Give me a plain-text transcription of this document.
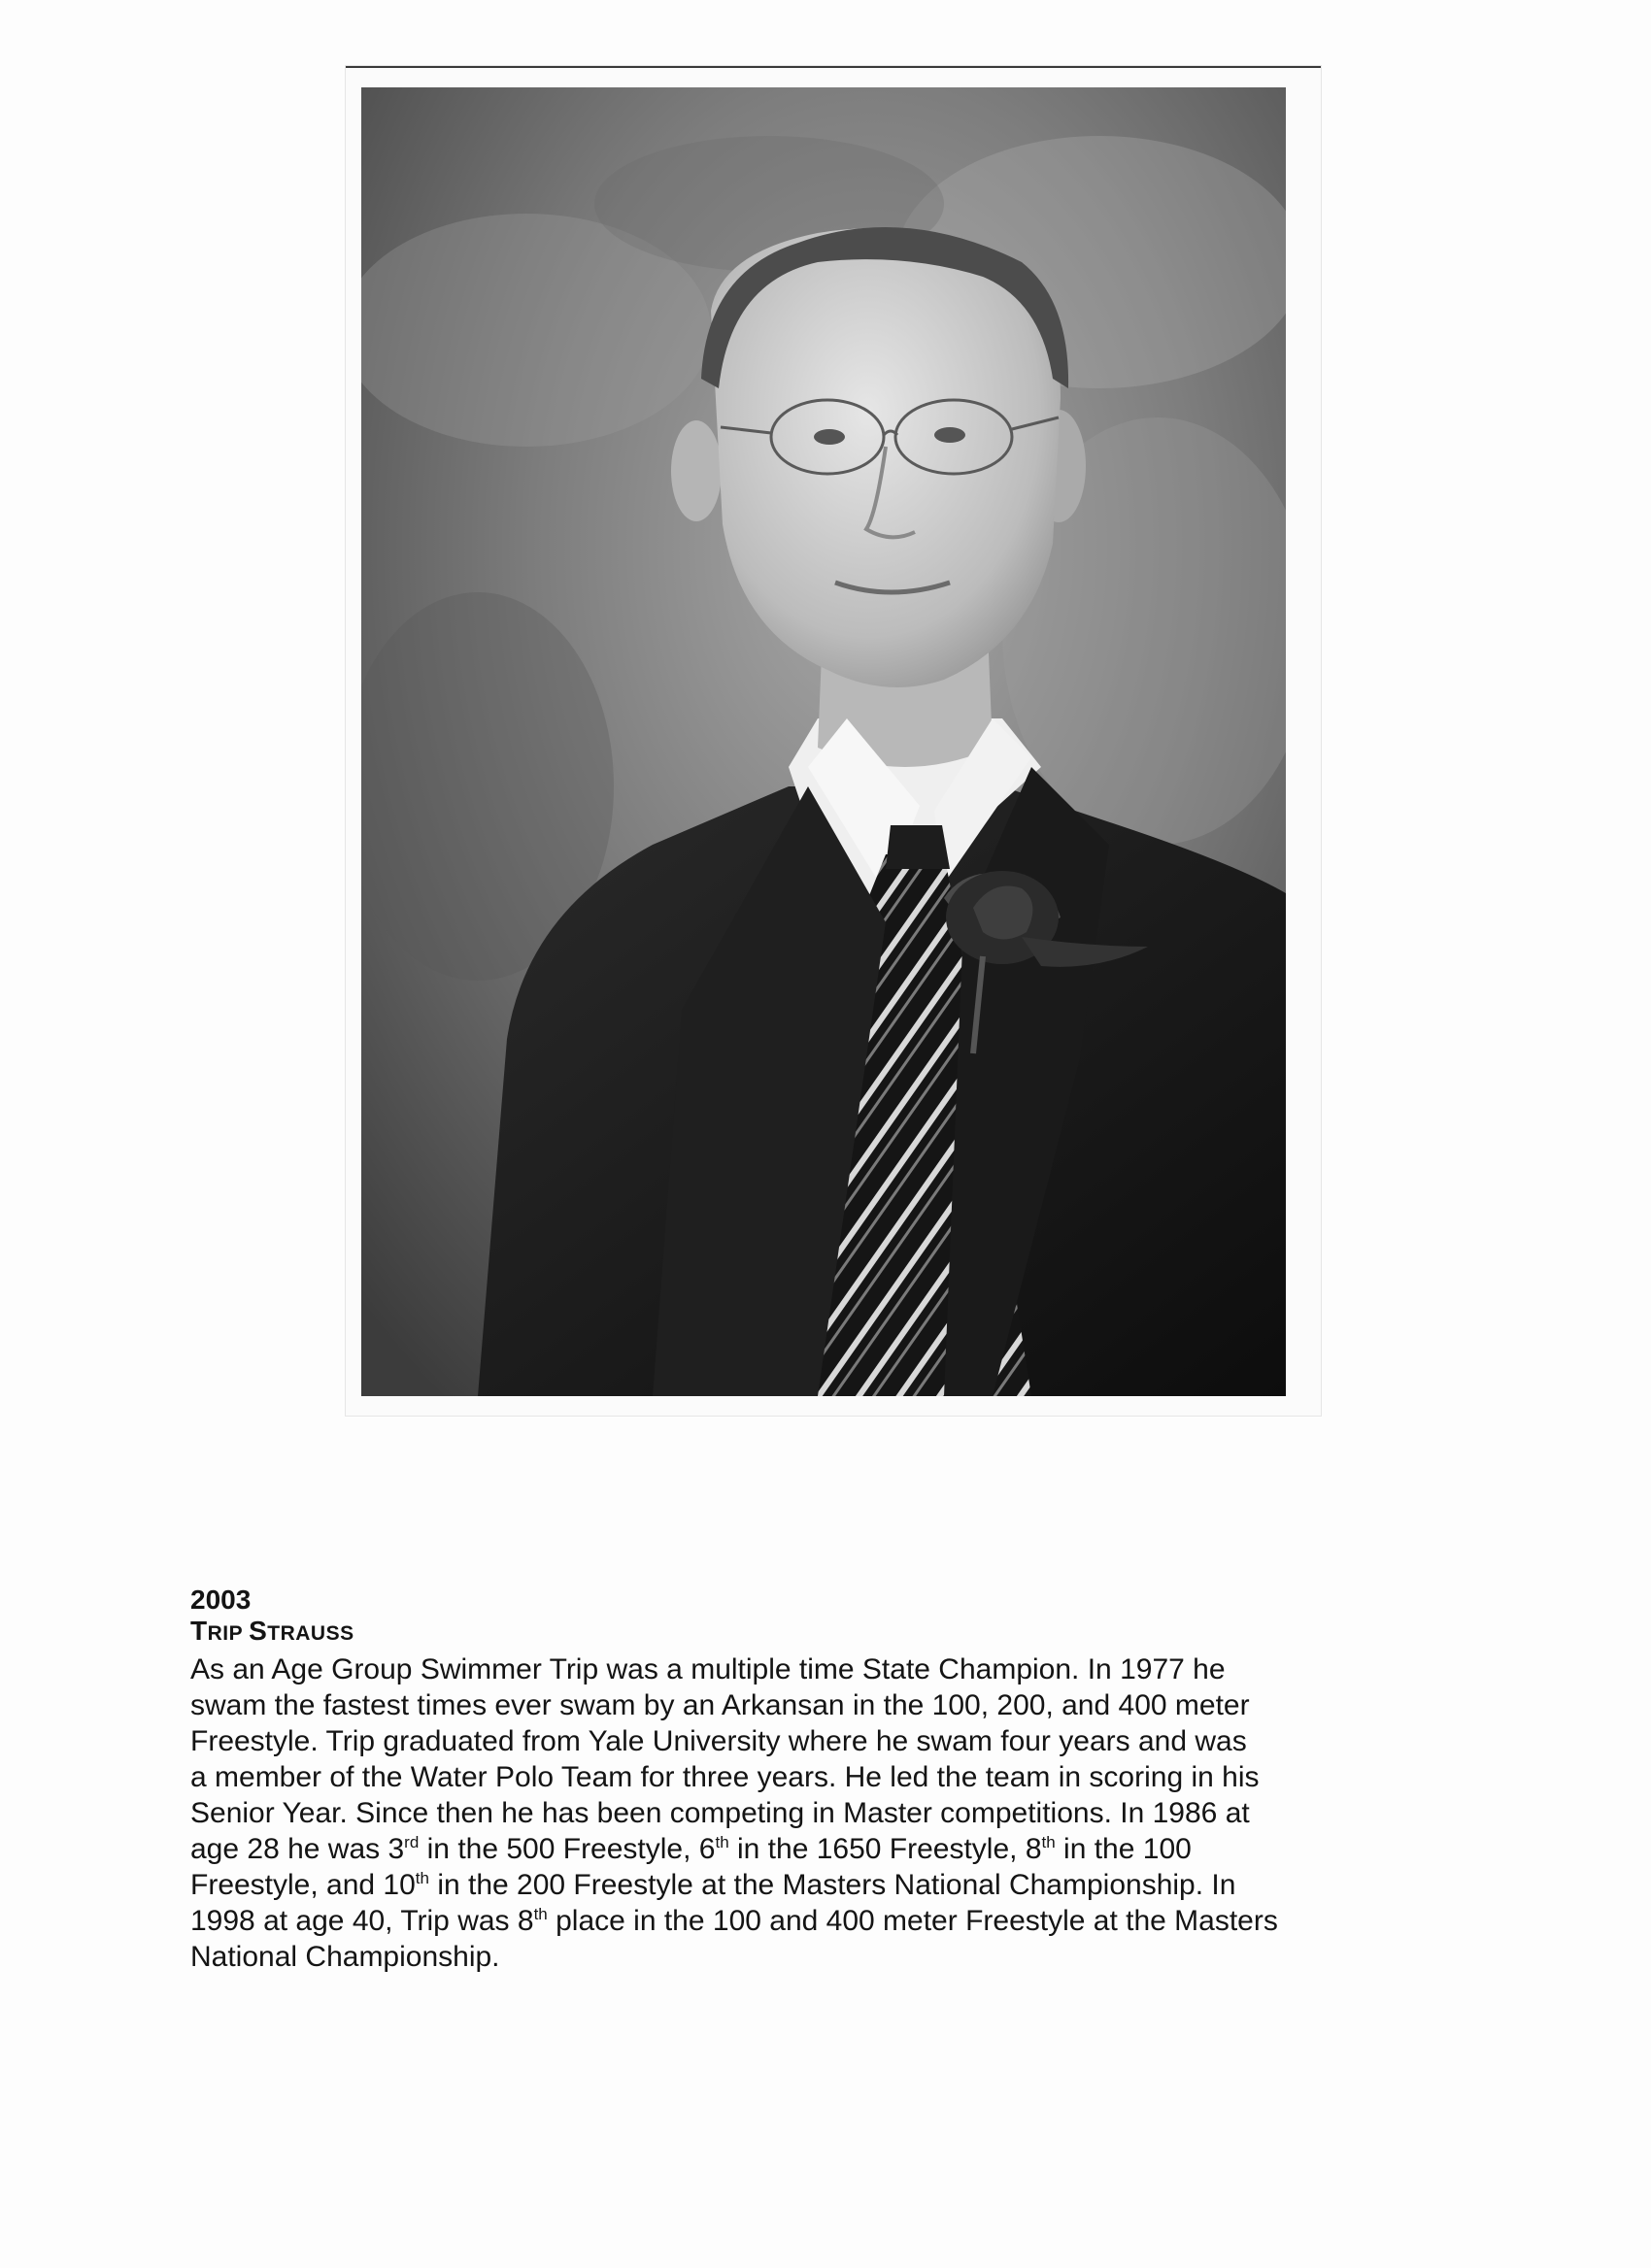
2003

TRIP STRAUSS

As an Age Group Swimmer Trip was a multiple time State Champion. In 1977 he
swam the fastest times ever swam by an Arkansan in the 100, 200, and 400 meter
Freestyle. Trip graduated from Yale University where he swam four years and was
a member of the Water Polo Team for three years. He led the team in scoring in his
Senior Year. Since then he has been competing in Master competitions. In 1986 at
age 28 he was 3rd in the 500 Freestyle, 6th in the 1650 Freestyle, 8th in the 100
Freestyle, and 10th in the 200 Freestyle at the Masters National Championship. In
1998 at age 40, Trip was 8th place in the 100 and 400 meter Freestyle at the Masters
National Championship.
